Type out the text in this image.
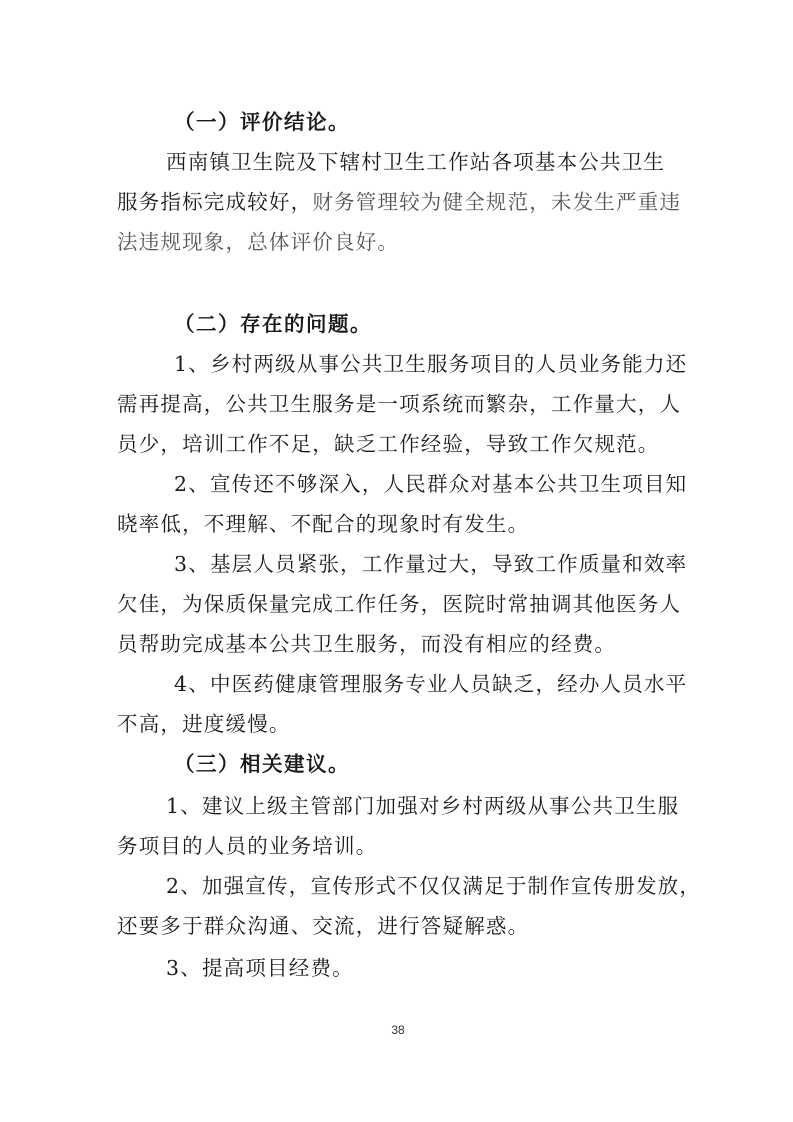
（一）评价结论。
西南镇卫生院及下辖村卫生工作站各项基本公共卫生
服务指标完成较好，财务管理较为健全规范，未发生严重违
法违规现象，总体评价良好。
（二）存在的问题。
1、乡村两级从事公共卫生服务项目的人员业务能力还
需再提高，公共卫生服务是一项系统而繁杂，工作量大，人
员少，培训工作不足，缺乏工作经验，导致工作欠规范。
2、宣传还不够深入，人民群众对基本公共卫生项目知
晓率低，不理解、不配合的现象时有发生。
3、基层人员紧张，工作量过大，导致工作质量和效率
欠佳，为保质保量完成工作任务，医院时常抽调其他医务人
员帮助完成基本公共卫生服务，而没有相应的经费。
4、中医药健康管理服务专业人员缺乏，经办人员水平
不高，进度缓慢。
（三）相关建议。
1、建议上级主管部门加强对乡村两级从事公共卫生服
务项目的人员的业务培训。
2、加强宣传，宣传形式不仅仅满足于制作宣传册发放，
还要多于群众沟通、交流，进行答疑解惑。
3、提高项目经费。
38
